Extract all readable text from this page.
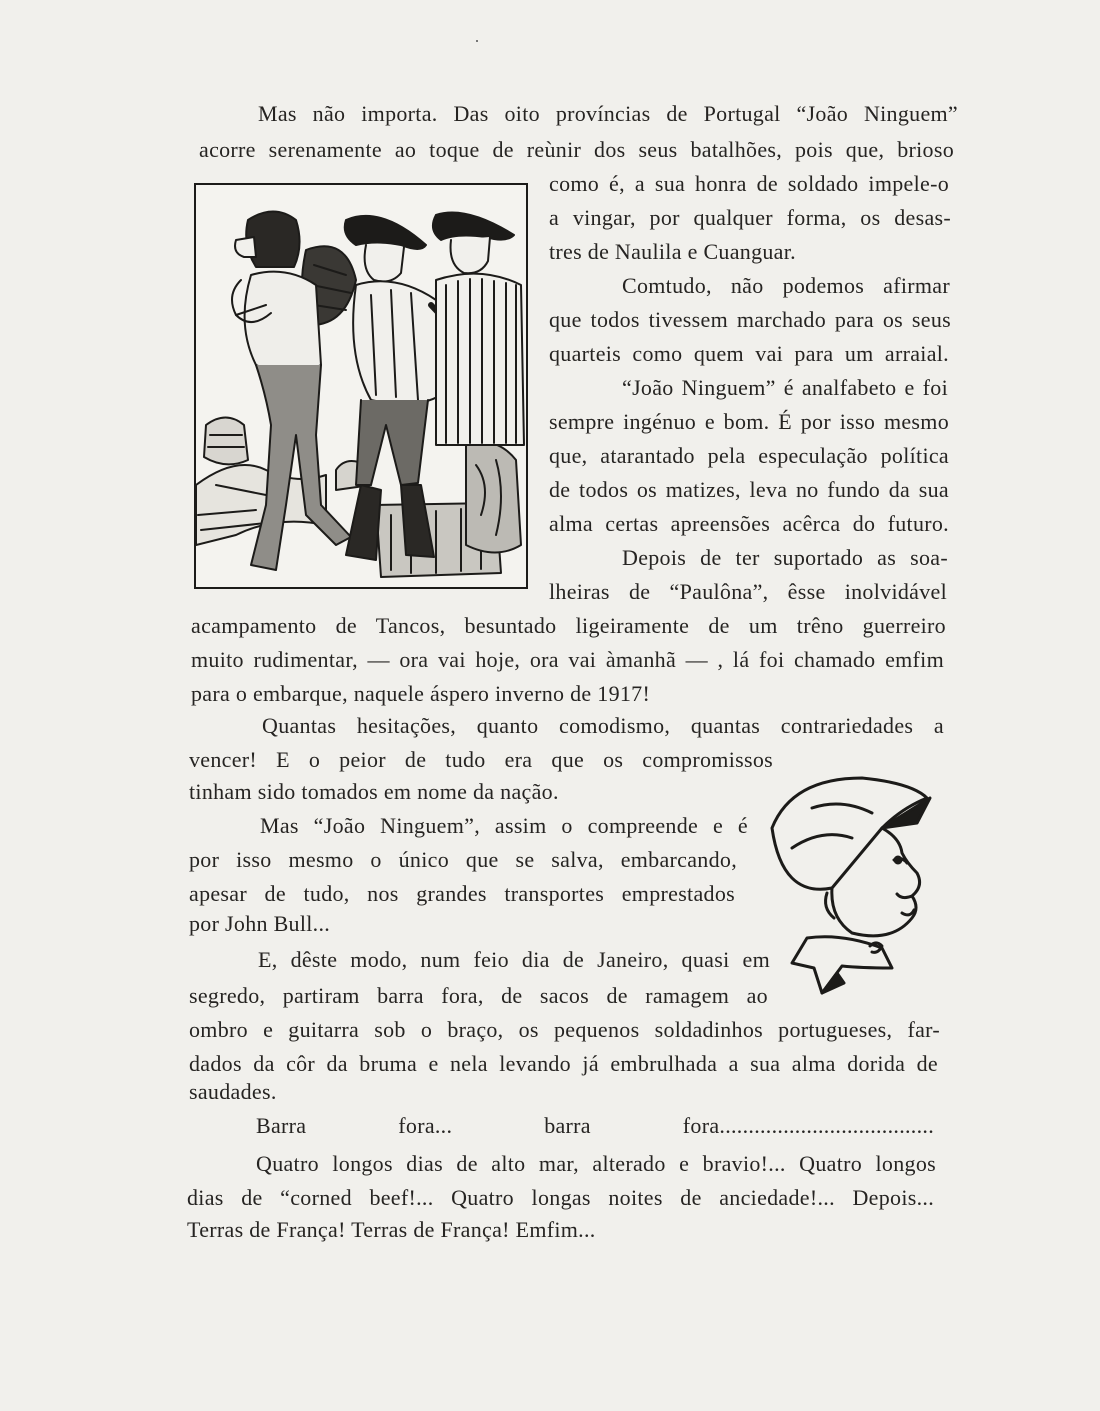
Mas não importa. Das oito províncias de Portugal “João Ninguem”
acorre serenamente ao toque de reùnir dos seus batalhões, pois que, brioso
como é, a sua honra de soldado impele-o
a vingar, por qualquer forma, os desas-
tres de Naulila e Cuanguar.
Comtudo, não podemos afirmar
que todos tivessem marchado para os seus
quarteis como quem vai para um arraial.
“João Ninguem” é analfabeto e foi
sempre ingénuo e bom. É por isso mesmo
que, atarantado pela especulação política
de todos os matizes, leva no fundo da sua
alma certas apreensões acêrca do futuro.
Depois de ter suportado as soa-
lheiras de “Paulôna”, êsse inolvidável
acampamento de Tancos, besuntado ligeiramente de um trêno guerreiro
muito rudimentar, — ora vai hoje, ora vai àmanhã — , lá foi chamado emfim
para o embarque, naquele áspero inverno de 1917!
Quantas hesitações, quanto comodismo, quantas contrariedades a
vencer! E o peior de tudo era que os compromissos
tinham sido tomados em nome da nação.
Mas “João Ninguem”, assim o compreende e é
por isso mesmo o único que se salva, embarcando,
apesar de tudo, nos grandes transportes emprestados
por John Bull...
E, dêste modo, num feio dia de Janeiro, quasi em
segredo, partiram barra fora, de sacos de ramagem ao
ombro e guitarra sob o braço, os pequenos soldadinhos portugueses, far-
dados da côr da bruma e nela levando já embrulhada a sua alma dorida de
saudades.
Barra fora... barra fora.....................................
Quatro longos dias de alto mar, alterado e bravio!... Quatro longos
dias de “corned beef!... Quatro longas noites de anciedade!... Depois...
Terras de França! Terras de França! Emfim...
